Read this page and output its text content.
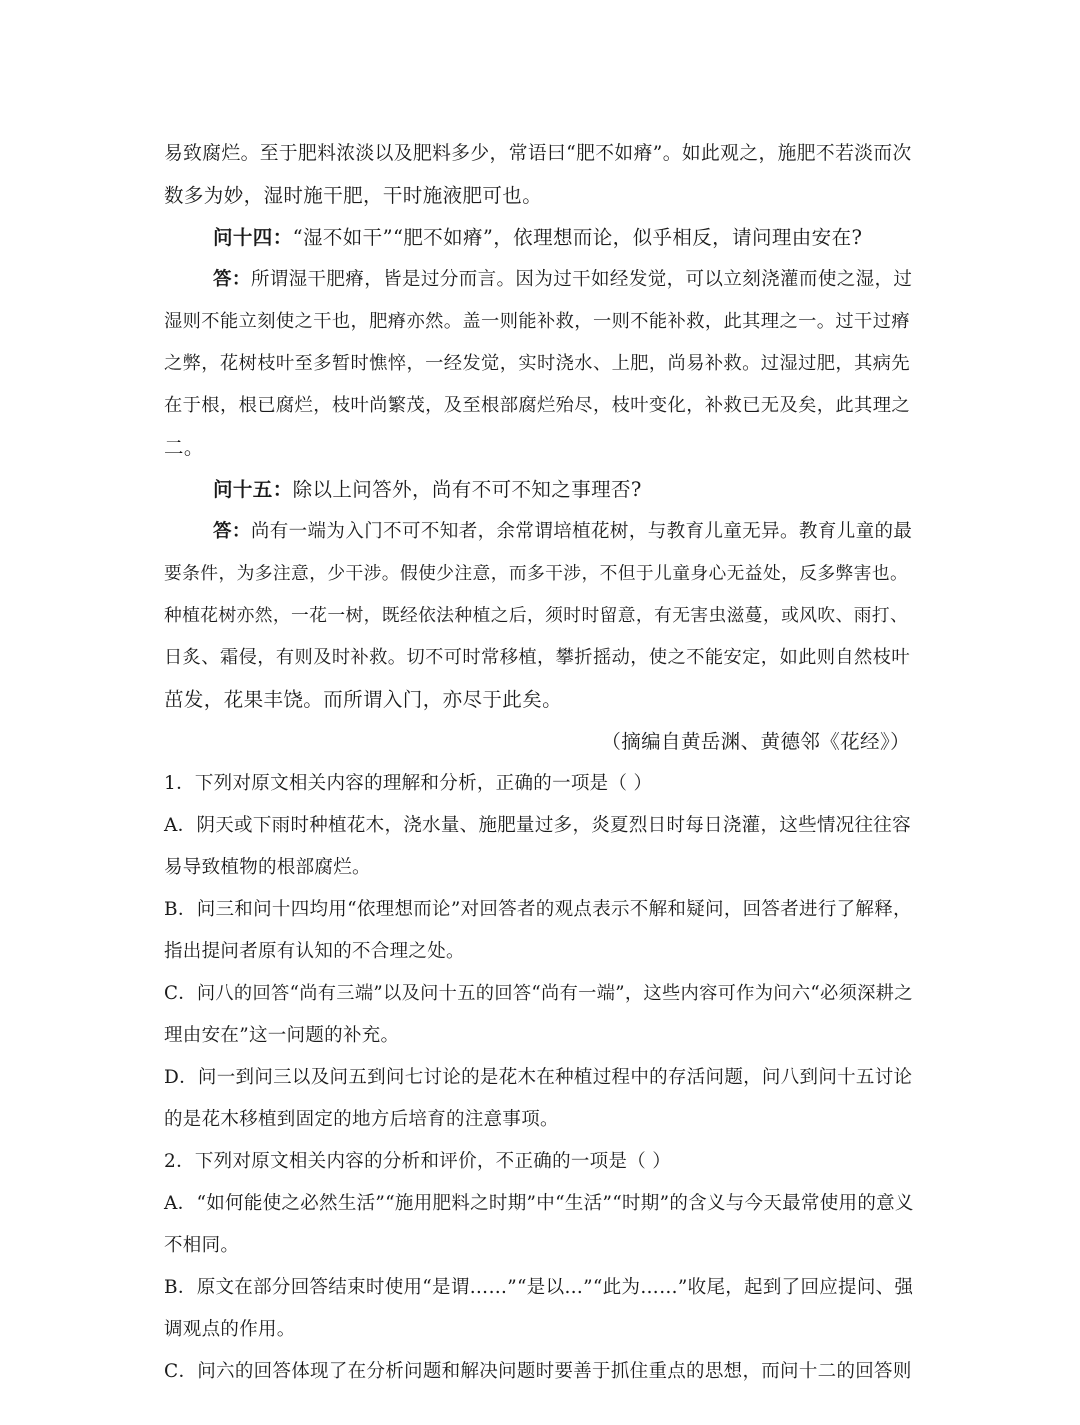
易致腐烂。至于肥料浓淡以及肥料多少，常语曰“肥不如瘠”。如此观之，施肥不若淡而次
数多为妙，湿时施干肥，干时施液肥可也。
问十四：“湿不如干”“肥不如瘠”，依理想而论，似乎相反，请问理由安在?
答：所谓湿干肥瘠，皆是过分而言。因为过干如经发觉，可以立刻浇灌而使之湿，过
湿则不能立刻使之干也，肥瘠亦然。盖一则能补救，一则不能补救，此其理之一。过干过瘠
之弊，花树枝叶至多暂时憔悴，一经发觉，实时浇水、上肥，尚易补救。过湿过肥，其病先
在于根，根已腐烂，枝叶尚繁茂，及至根部腐烂殆尽，枝叶变化，补救已无及矣，此其理之
二。
问十五：除以上问答外，尚有不可不知之事理否?
答：尚有一端为入门不可不知者，余常谓培植花树，与教育儿童无异。教育儿童的最
要条件，为多注意，少干涉。假使少注意，而多干涉，不但于儿童身心无益处，反多弊害也。
种植花树亦然，一花一树，既经依法种植之后，须时时留意，有无害虫滋蔓，或风吹、雨打、
日炙、霜侵，有则及时补救。切不可时常移植，攀折摇动，使之不能安定，如此则自然枝叶
茁发，花果丰饶。而所谓入门，亦尽于此矣。
（摘编自黄岳渊、黄德邻《花经》）
1．下列对原文相关内容的理解和分析，正确的一项是（ ）
A．阴天或下雨时种植花木，浇水量、施肥量过多，炎夏烈日时每日浇灌，这些情况往往容
易导致植物的根部腐烂。
B．问三和问十四均用“依理想而论”对回答者的观点表示不解和疑问，回答者进行了解释，
指出提问者原有认知的不合理之处。
C．问八的回答“尚有三端”以及问十五的回答“尚有一端”，这些内容可作为问六“必须深耕之
理由安在”这一问题的补充。
D．问一到问三以及问五到问七讨论的是花木在种植过程中的存活问题，问八到问十五讨论
的是花木移植到固定的地方后培育的注意事项。
2．下列对原文相关内容的分析和评价，不正确的一项是（ ）
A．“如何能使之必然生活”“施用肥料之时期”中“生活”“时期”的含义与今天最常使用的意义
不相同。
B．原文在部分回答结束时使用“是谓……”“是以…”“此为……”收尾，起到了回应提问、强
调观点的作用。
C．问六的回答体现了在分析问题和解决问题时要善于抓住重点的思想，而问十二的回答则
